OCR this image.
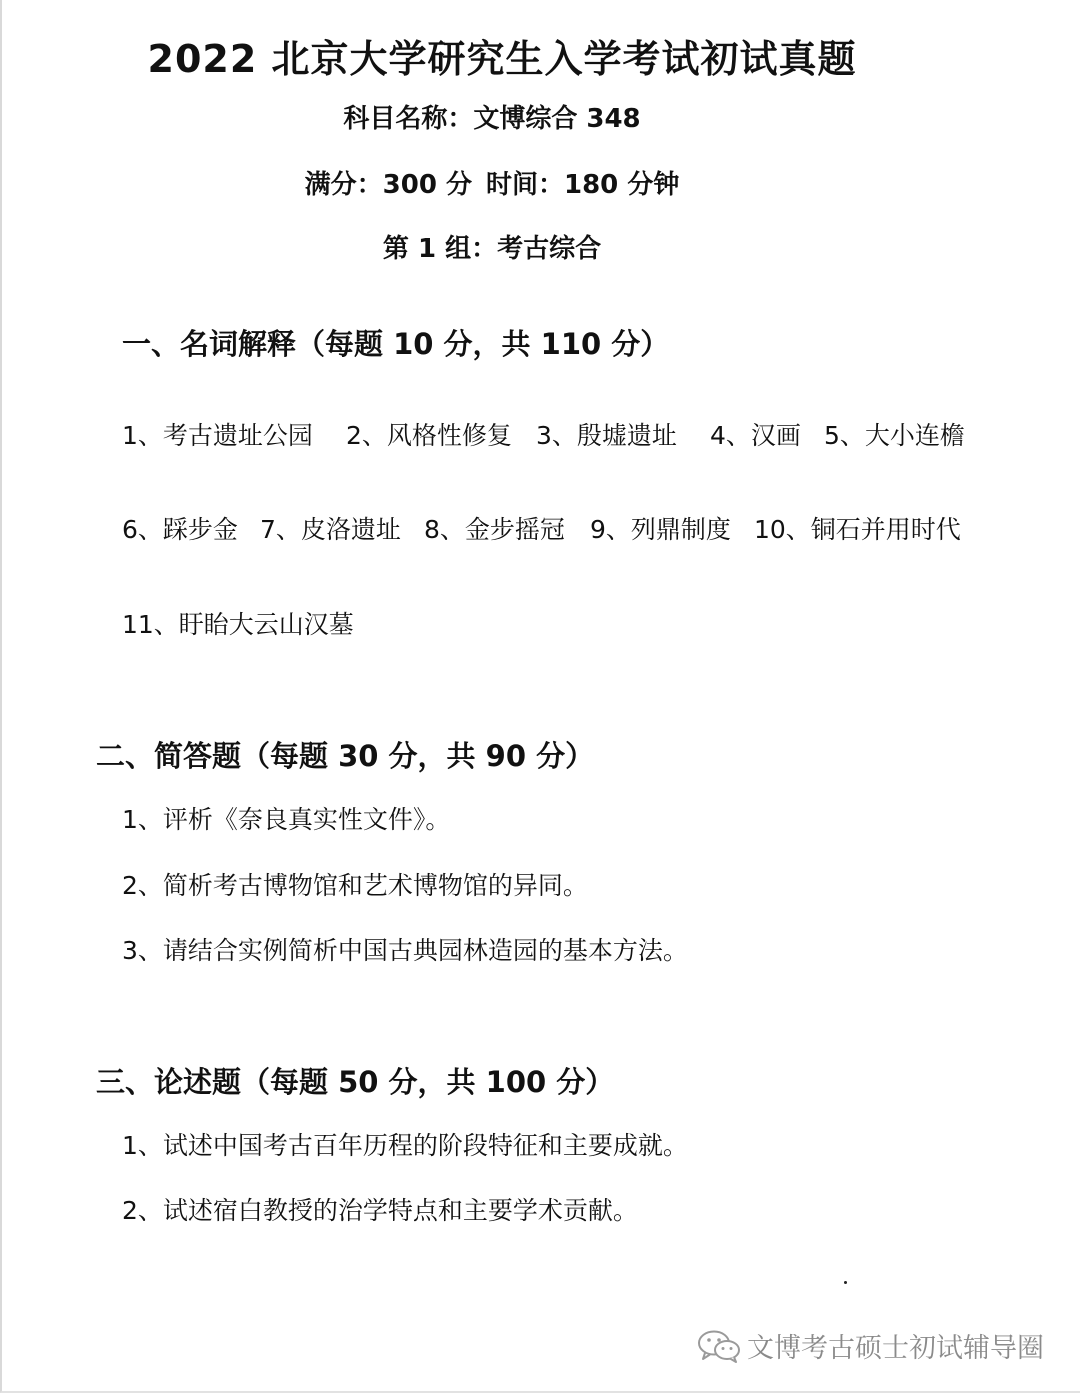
2022 北京大学研究生入学考试初试真题
科目名称：文博综合 348
满分：300 分 时间：180 分钟
第 1 组：考古综合
一、名词解释（每题 10 分，共 110 分）
1、考古遗址公园	2、风格性修复 3、殷墟遗址	4、汉画 5、大小连檐
6、踩步金 7、皮洛遗址 8、金步摇冠	9、列鼎制度 10、铜石并用时代
11、盱眙大云山汉墓
二、简答题（每题 30 分，共 90 分）
1、评析《奈良真实性文件》。
2、简析考古博物馆和艺术博物馆的异同。
3、请结合实例简析中国古典园林造园的基本方法。
三、论述题（每题 50 分，共 100 分）
1、试述中国考古百年历程的阶段特征和主要成就。
2、试述宿白教授的治学特点和主要学术贡献。
文博考古硕士初试辅导圈
